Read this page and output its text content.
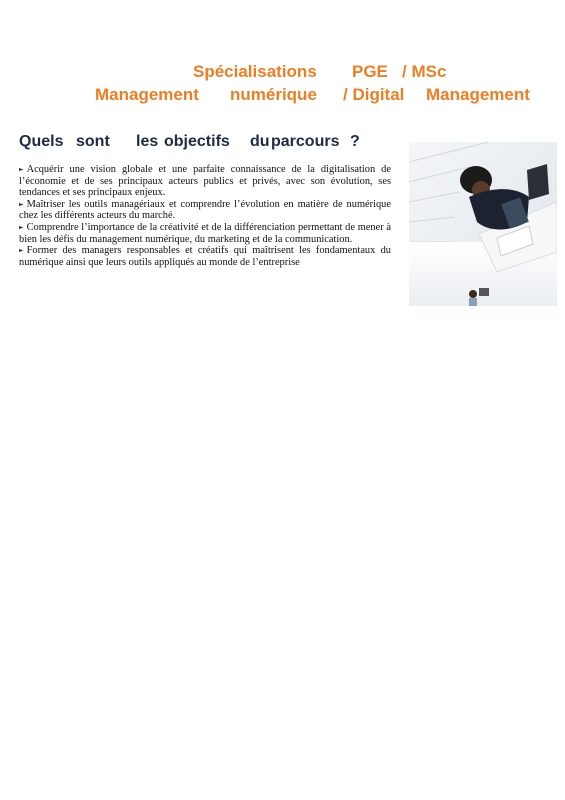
Spécialisations PGE / MSc
Management numérique / Digital Management
Quels sont les objectifs du parcours ?

► Acquérir une vision globale et une parfaite connaissance de la digitalisation de l’économie et de ses principaux acteurs publics et privés, avec son évolution, ses tendances et ses principaux enjeux.

► Maîtriser les outils managériaux et comprendre l’évolution en matière de numérique chez les différents acteurs du marché.

► Comprendre l’importance de la créativité et de la différenciation permettant de mener à bien les défis du management numérique, du marketing et de la communication.

► Former des managers responsables et créatifs qui maîtrisent les fondamentaux du numérique ainsi que leurs outils appliqués au monde de l’entreprise
